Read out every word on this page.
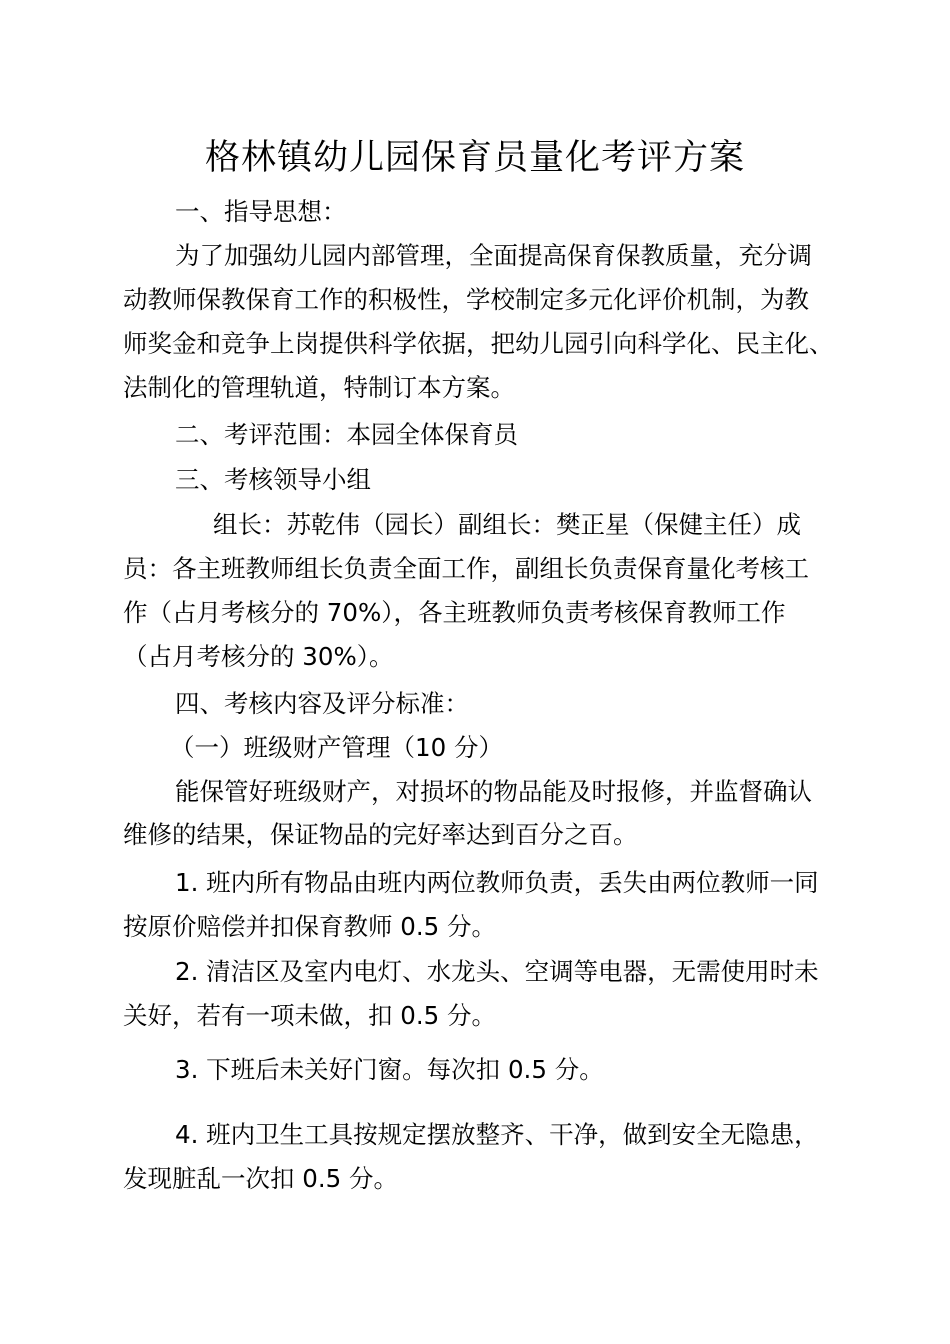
格林镇幼儿园保育员量化考评方案
一、指导思想：
为了加强幼儿园内部管理，全面提高保育保教质量，充分调
动教师保教保育工作的积极性，学校制定多元化评价机制，为教
师奖金和竞争上岗提供科学依据，把幼儿园引向科学化、民主化、
法制化的管理轨道，特制订本方案。
二、考评范围：本园全体保育员
三、考核领导小组
组长：苏乾伟（园长）副组长：樊正星（保健主任）成
员：各主班教师组长负责全面工作，副组长负责保育量化考核工
作（占月考核分的 70%），各主班教师负责考核保育教师工作
（占月考核分的 30%）。
四、考核内容及评分标准：
（一）班级财产管理（10 分）
能保管好班级财产，对损坏的物品能及时报修，并监督确认
维修的结果，保证物品的完好率达到百分之百。
1. 班内所有物品由班内两位教师负责，丢失由两位教师一同
按原价赔偿并扣保育教师 0.5 分。
2. 清洁区及室内电灯、水龙头、空调等电器，无需使用时未
关好，若有一项未做，扣 0.5 分。
3. 下班后未关好门窗。每次扣 0.5 分。
4. 班内卫生工具按规定摆放整齐、干净，做到安全无隐患，
发现脏乱一次扣 0.5 分。
